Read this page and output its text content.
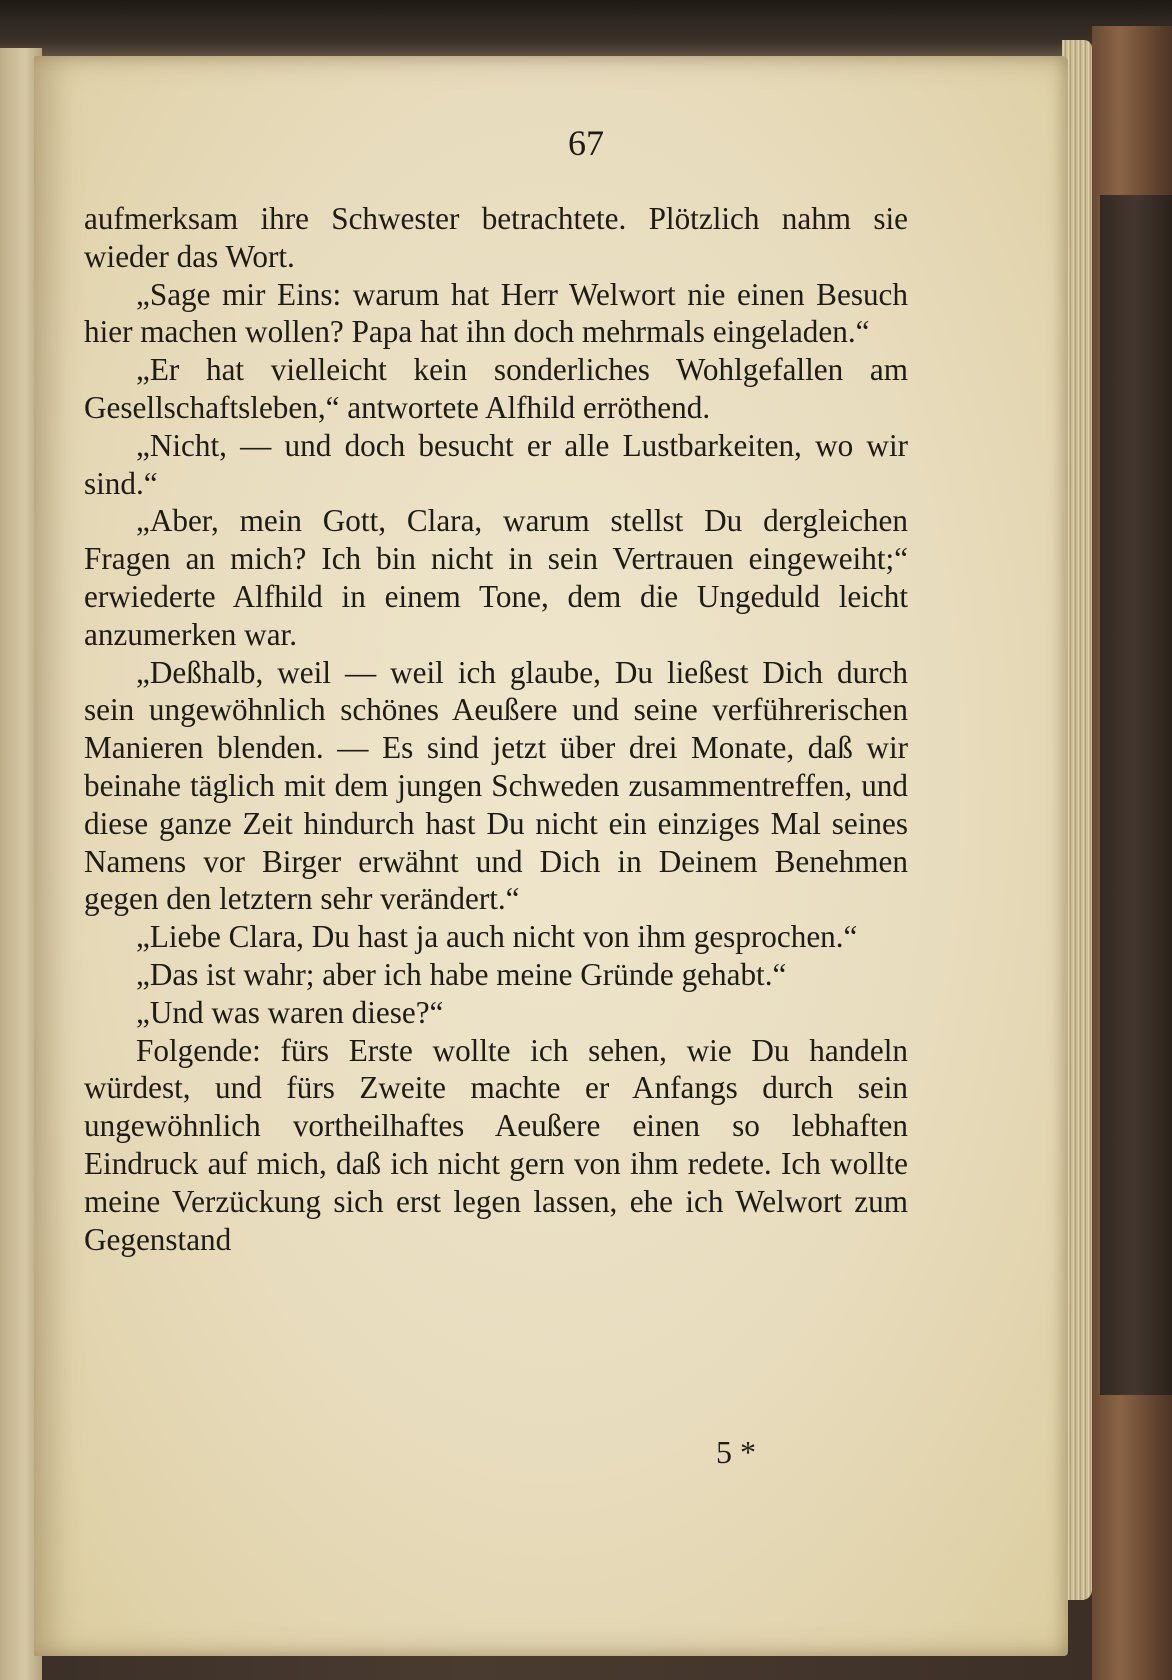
67

aufmerksam ihre Schwester betrachtete. Plötzlich nahm sie wieder das Wort.

„Sage mir Eins: warum hat Herr Welwort nie einen Besuch hier machen wollen? Papa hat ihn doch mehrmals eingeladen.“

„Er hat vielleicht kein sonderliches Wohlgefallen am Gesellschaftsleben,“ antwortete Alfhild erröthend.

„Nicht, — und doch besucht er alle Lustbarkeiten, wo wir sind.“

„Aber, mein Gott, Clara, warum stellst Du dergleichen Fragen an mich? Ich bin nicht in sein Vertrauen eingeweiht;“ erwiederte Alfhild in einem Tone, dem die Ungeduld leicht anzumerken war.

„Deßhalb, weil — weil ich glaube, Du ließest Dich durch sein ungewöhnlich schönes Aeußere und seine verführerischen Manieren blenden. — Es sind jetzt über drei Monate, daß wir beinahe täglich mit dem jungen Schweden zusammentreffen, und diese ganze Zeit hindurch hast Du nicht ein einziges Mal seines Namens vor Birger erwähnt und Dich in Deinem Benehmen gegen den letztern sehr verändert.“

„Liebe Clara, Du hast ja auch nicht von ihm gesprochen.“

„Das ist wahr; aber ich habe meine Gründe gehabt.“

„Und was waren diese?“

Folgende: fürs Erste wollte ich sehen, wie Du handeln würdest, und fürs Zweite machte er Anfangs durch sein ungewöhnlich vortheilhaftes Aeußere einen so lebhaften Eindruck auf mich, daß ich nicht gern von ihm redete. Ich wollte meine Verzückung sich erst legen lassen, ehe ich Welwort zum Gegenstand

5 *
